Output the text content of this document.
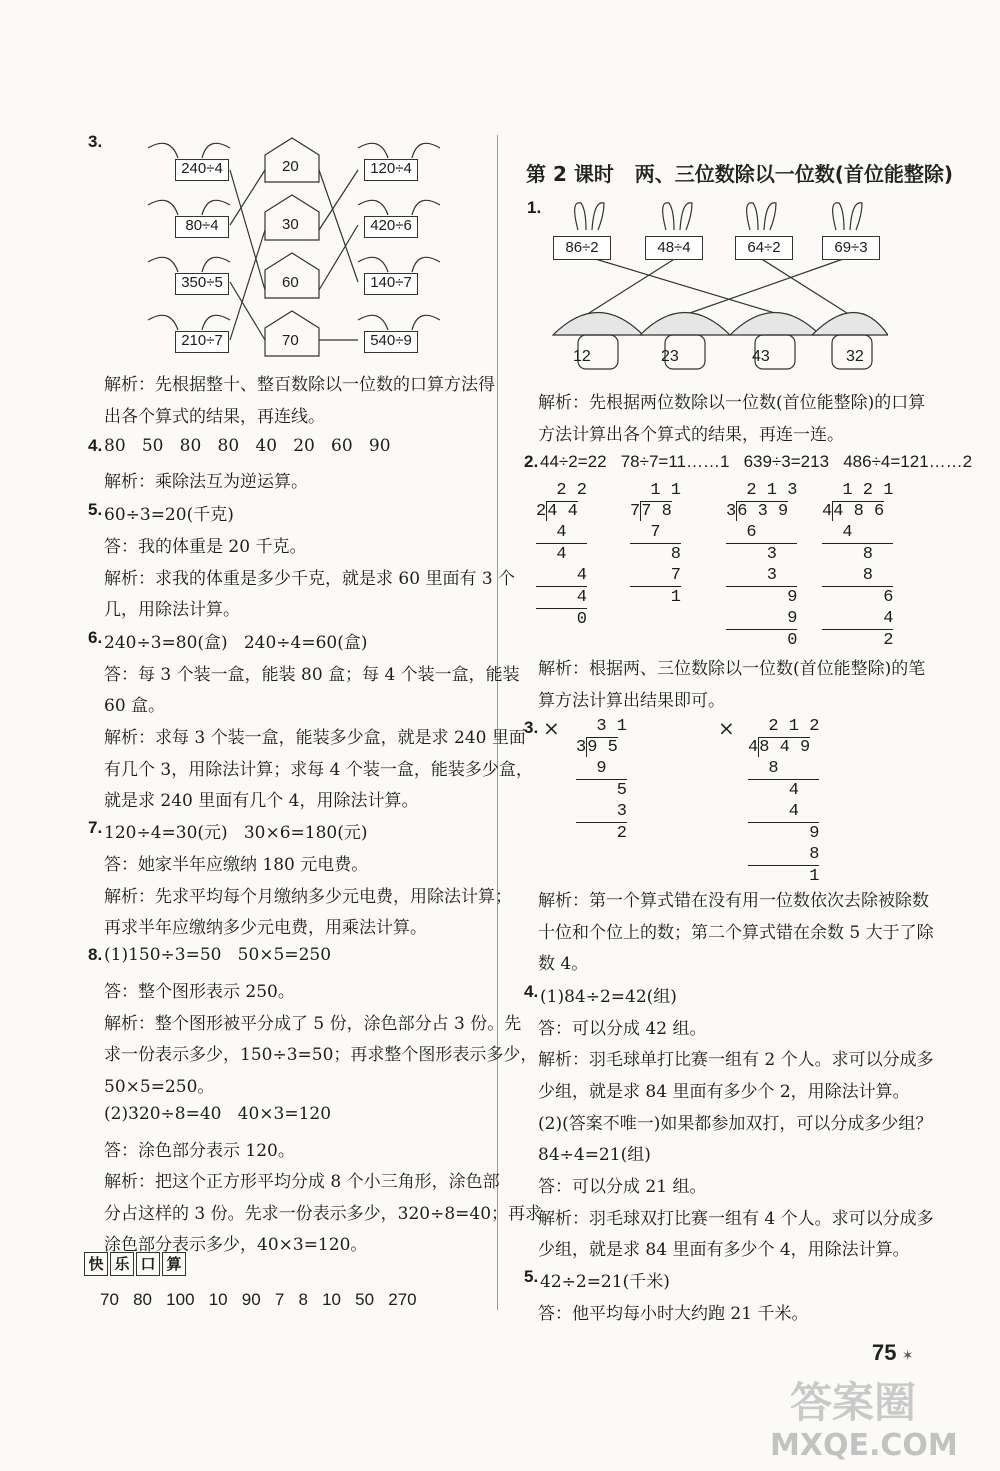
3.
240÷4
80÷4
350÷5
210÷7
20
30
60
70
120÷4
420÷6
140÷7
540÷9
解析：先根据整十、整百数除以一位数的口算方法得
出各个算式的结果，再连线。
4. 80   50   80   80   40   20   60   90
解析：乘除法互为逆运算。
5. 60÷3=20(千克)
答：我的体重是 20 千克。
解析：求我的体重是多少千克，就是求 60 里面有 3 个
几，用除法计算。
6. 240÷3=80(盒)   240÷4=60(盒)
答：每 3 个装一盒，能装 80 盒；每 4 个装一盒，能装
60 盒。
解析：求每 3 个装一盒，能装多少盒，就是求 240 里面
有几个 3，用除法计算；求每 4 个装一盒，能装多少盒，
就是求 240 里面有几个 4，用除法计算。
7. 120÷4=30(元)   30×6=180(元)
答：她家半年应缴纳 180 元电费。
解析：先求平均每个月缴纳多少元电费，用除法计算；
再求半年应缴纳多少元电费，用乘法计算。
8. (1)150÷3=50   50×5=250
答：整个图形表示 250。
解析：整个图形被平分成了 5 份，涂色部分占 3 份。先
求一份表示多少，150÷3=50；再求整个图形表示多少，
50×5=250。
(2)320÷8=40   40×3=120
答：涂色部分表示 120。
解析：把这个正方形平均分成 8 个小三角形，涂色部
分占这样的 3 份。先求一份表示多少，320÷8=40；再求
涂色部分表示多少，40×3=120。
快 乐 口 算
70   80   100   10   90   7   8   10   50   270
第 2 课时   两、三位数除以一位数(首位能整除)
1.
86÷2	48÷4	64÷2	69÷3
12	23	43	32
解析：先根据两位数除以一位数(首位能整除)的口算
方法计算出各个算式的结果，再连一连。
2. 44÷2=22   78÷7=11……1   639÷3=213   486÷4=121……2
2 2
24 4
4
4
4
4
0
1 1
77 8
7
8
7
1
2 1 3
36 3 9
6
3
3
9
9
0
1 2 1
44 8 6
4
8
8
6
4
2
解析：根据两、三位数除以一位数(首位能整除)的笔
算方法计算出结果即可。
3. × 3 1
39 5
9
5
3
2
× 2 1 2
48 4 9
8
4
4
9
8
1
解析：第一个算式错在没有用一位数依次去除被除数
十位和个位上的数；第二个算式错在余数 5 大于了除
数 4。
4. (1)84÷2=42(组)
答：可以分成 42 组。
解析：羽毛球单打比赛一组有 2 个人。求可以分成多
少组，就是求 84 里面有多少个 2，用除法计算。
(2)(答案不唯一)如果都参加双打，可以分成多少组？
84÷4=21(组)
答：可以分成 21 组。
解析：羽毛球双打比赛一组有 4 个人。求可以分成多
少组，就是求 84 里面有多少个 4，用除法计算。
5. 42÷2=21(千米)
答：他平均每小时大约跑 21 千米。
75 ✶
答案圈
MXQE.COM
